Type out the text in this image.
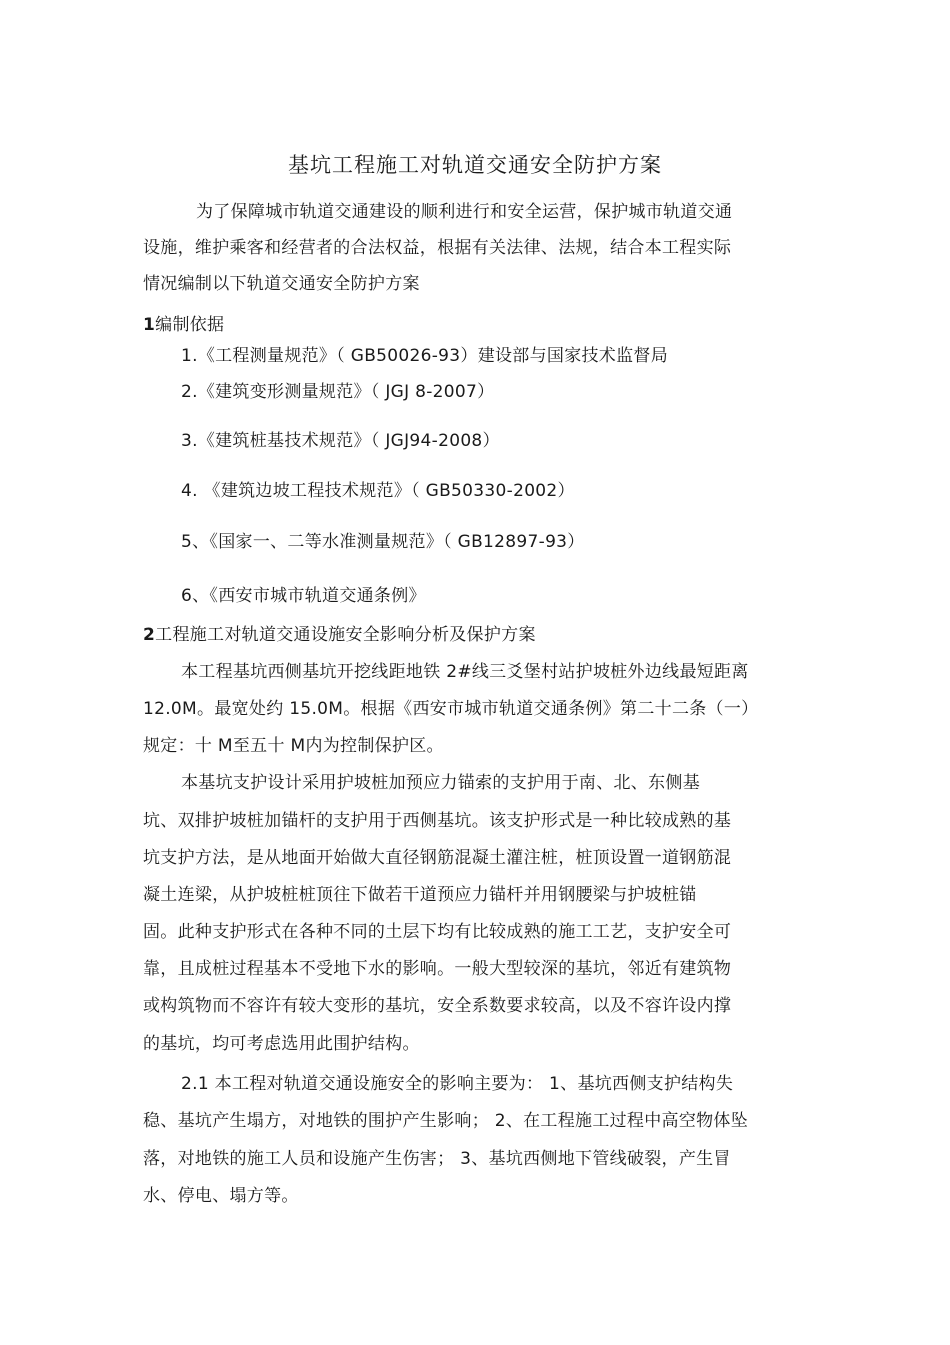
基坑工程施工对轨道交通安全防护方案
为了保障城市轨道交通建设的顺利进行和安全运营，保护城市轨道交通
设施，维护乘客和经营者的合法权益，根据有关法律、法规，结合本工程实际
情况编制以下轨道交通安全防护方案
1编制依据
1.《工程测量规范》（ GB50026-93）建设部与国家技术监督局
2.《建筑变形测量规范》（ JGJ 8-2007）
3.《建筑桩基技术规范》（ JGJ94-2008）
4. 《建筑边坡工程技术规范》（ GB50330-2002）
5、《国家一、二等水准测量规范》（ GB12897-93）
6、《西安市城市轨道交通条例》
2工程施工对轨道交通设施安全影响分析及保护方案
本工程基坑西侧基坑开挖线距地铁 2#线三爻堡村站护坡桩外边线最短距离
12.0M。最宽处约 15.0M。根据《西安市城市轨道交通条例》第二十二条（一）
规定：十 M至五十 M内为控制保护区。
本基坑支护设计采用护坡桩加预应力锚索的支护用于南、北、东侧基
坑、双排护坡桩加锚杆的支护用于西侧基坑。该支护形式是一种比较成熟的基
坑支护方法，是从地面开始做大直径钢筋混凝土灌注桩，桩顶设置一道钢筋混
凝土连梁，从护坡桩桩顶往下做若干道预应力锚杆并用钢腰梁与护坡桩锚
固。此种支护形式在各种不同的土层下均有比较成熟的施工工艺，支护安全可
靠，且成桩过程基本不受地下水的影响。一般大型较深的基坑，邻近有建筑物
或构筑物而不容许有较大变形的基坑，安全系数要求较高，以及不容许设内撑
的基坑，均可考虑选用此围护结构。
2.1 本工程对轨道交通设施安全的影响主要为： 1、基坑西侧支护结构失
稳、基坑产生塌方，对地铁的围护产生影响； 2、在工程施工过程中高空物体坠
落，对地铁的施工人员和设施产生伤害； 3、基坑西侧地下管线破裂，产生冒
水、停电、塌方等。
